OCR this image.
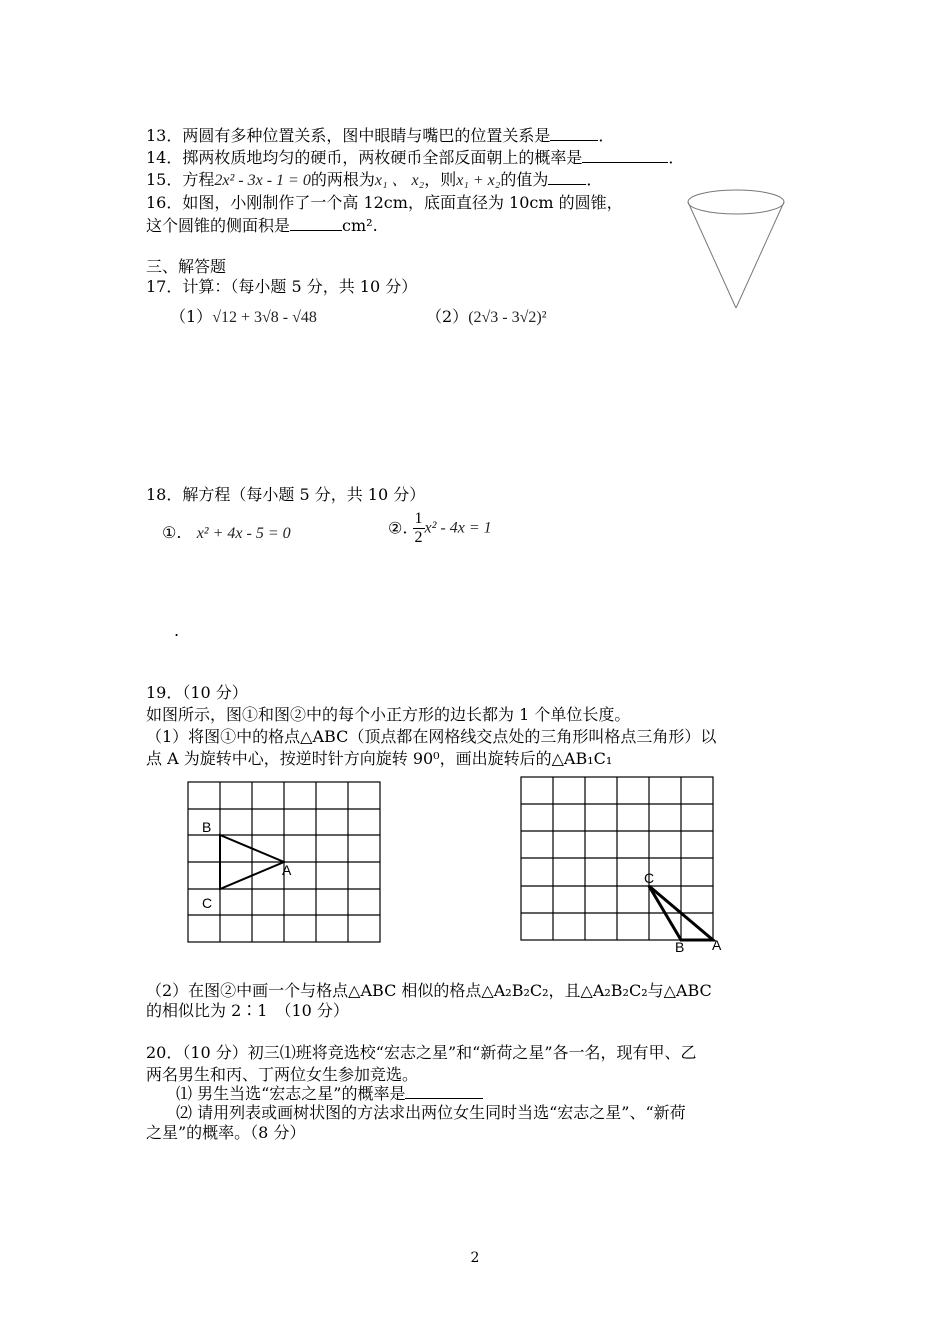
13．两圆有多种位置关系，图中眼睛与嘴巴的位置关系是	．
14．掷两枚质地均匀的硬币，两枚硬币全部反面朝上的概率是	．
15．方程2x² - 3x - 1 = 0的两根为x₁ 、 x₂，则x₁ + x₂的值为 ．
16．如图，小刚制作了一个高 12cm，底面直径为 10cm 的圆锥，
这个圆锥的侧面积是	cm².
三、解答题
17．计算：（每小题 5 分，共 10 分）
（1）√12 + 3√8 - √48	（2）(2√3 - 3√2)²
18．解方程（每小题 5 分，共 10 分）
①. x² + 4x - 5 = 0	②. $\frac{1}{2} x^2 - 4x = 1$
.
19．（10 分）
如图所示，图①和图②中的每个小正方形的边长都为 1 个单位长度。
（1）将图①中的格点△ABC（顶点都在网格线交点处的三角形叫格点三角形）以
点 A 为旋转中心，按逆时针方向旋转 90⁰，画出旋转后的△AB₁C₁
B
A
C
C
B A
（2）在图②中画一个与格点△ABC 相似的格点△A₂B₂C₂，且△A₂B₂C₂与△ABC
的相似比为 2∶1　（10 分）
20．（10 分）初三⑴班将竞选校“宏志之星”和“新荷之星”各一名，现有甲、乙
两名男生和丙、丁两位女生参加竞选。
⑴ 男生当选“宏志之星”的概率是
⑵ 请用列表或画树状图的方法求出两位女生同时当选“宏志之星”、“新荷
之星”的概率。（8 分）
2
